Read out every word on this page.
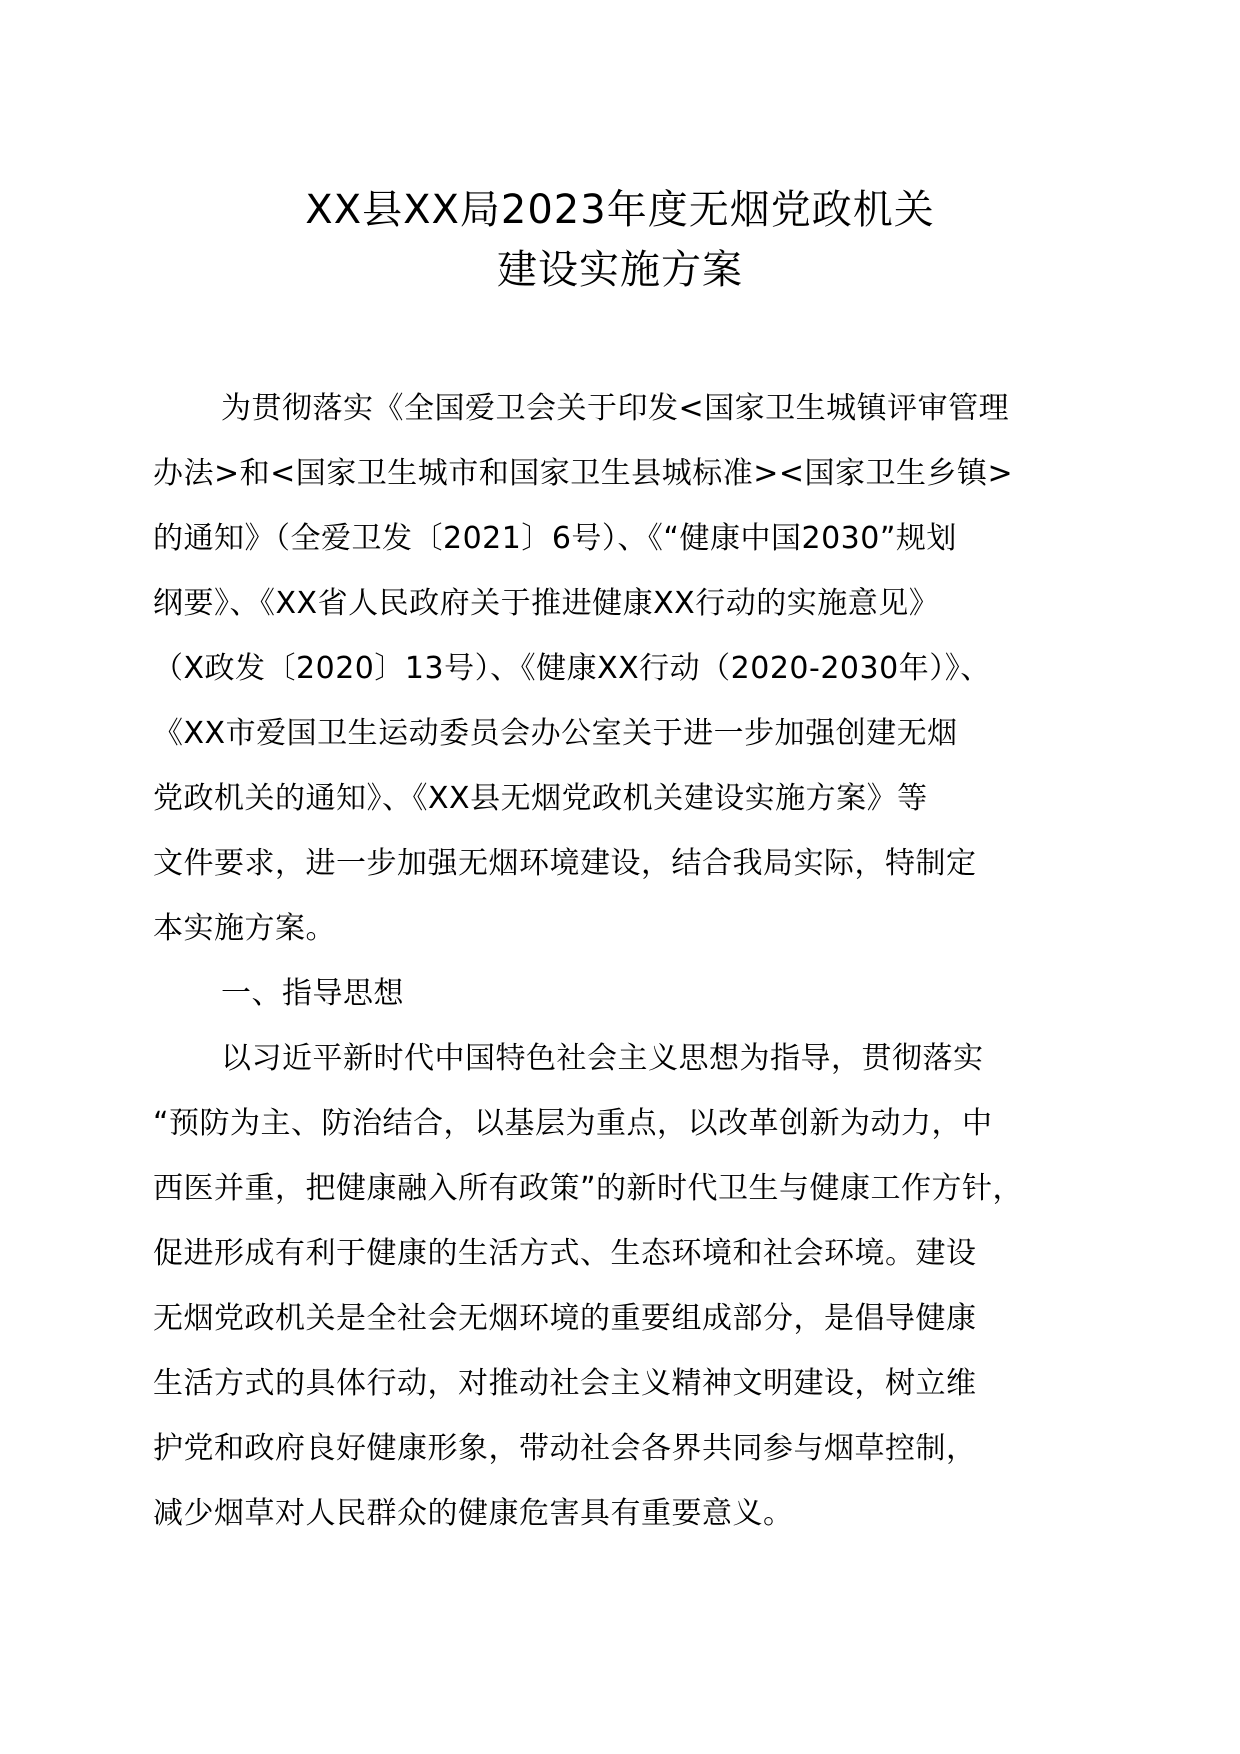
XX县XX局2023年度无烟党政机关
建设实施方案
为贯彻落实《全国爱卫会关于印发<国家卫生城镇评审管理
办法>和<国家卫生城市和国家卫生县城标准><国家卫生乡镇>
的通知》（全爱卫发〔2021〕6号）、《“健康中国2030”规划
纲要》、《XX省人民政府关于推进健康XX行动的实施意见》
（X政发〔2020〕13号）、《健康XX行动（2020-2030年）》、
《XX市爱国卫生运动委员会办公室关于进一步加强创建无烟
党政机关的通知》、《XX县无烟党政机关建设实施方案》等
文件要求，进一步加强无烟环境建设，结合我局实际，特制定
本实施方案。
一、指导思想
以习近平新时代中国特色社会主义思想为指导，贯彻落实
“预防为主、防治结合，以基层为重点，以改革创新为动力，中
西医并重，把健康融入所有政策”的新时代卫生与健康工作方针，
促进形成有利于健康的生活方式、生态环境和社会环境。建设
无烟党政机关是全社会无烟环境的重要组成部分，是倡导健康
生活方式的具体行动，对推动社会主义精神文明建设，树立维
护党和政府良好健康形象，带动社会各界共同参与烟草控制，
减少烟草对人民群众的健康危害具有重要意义。
